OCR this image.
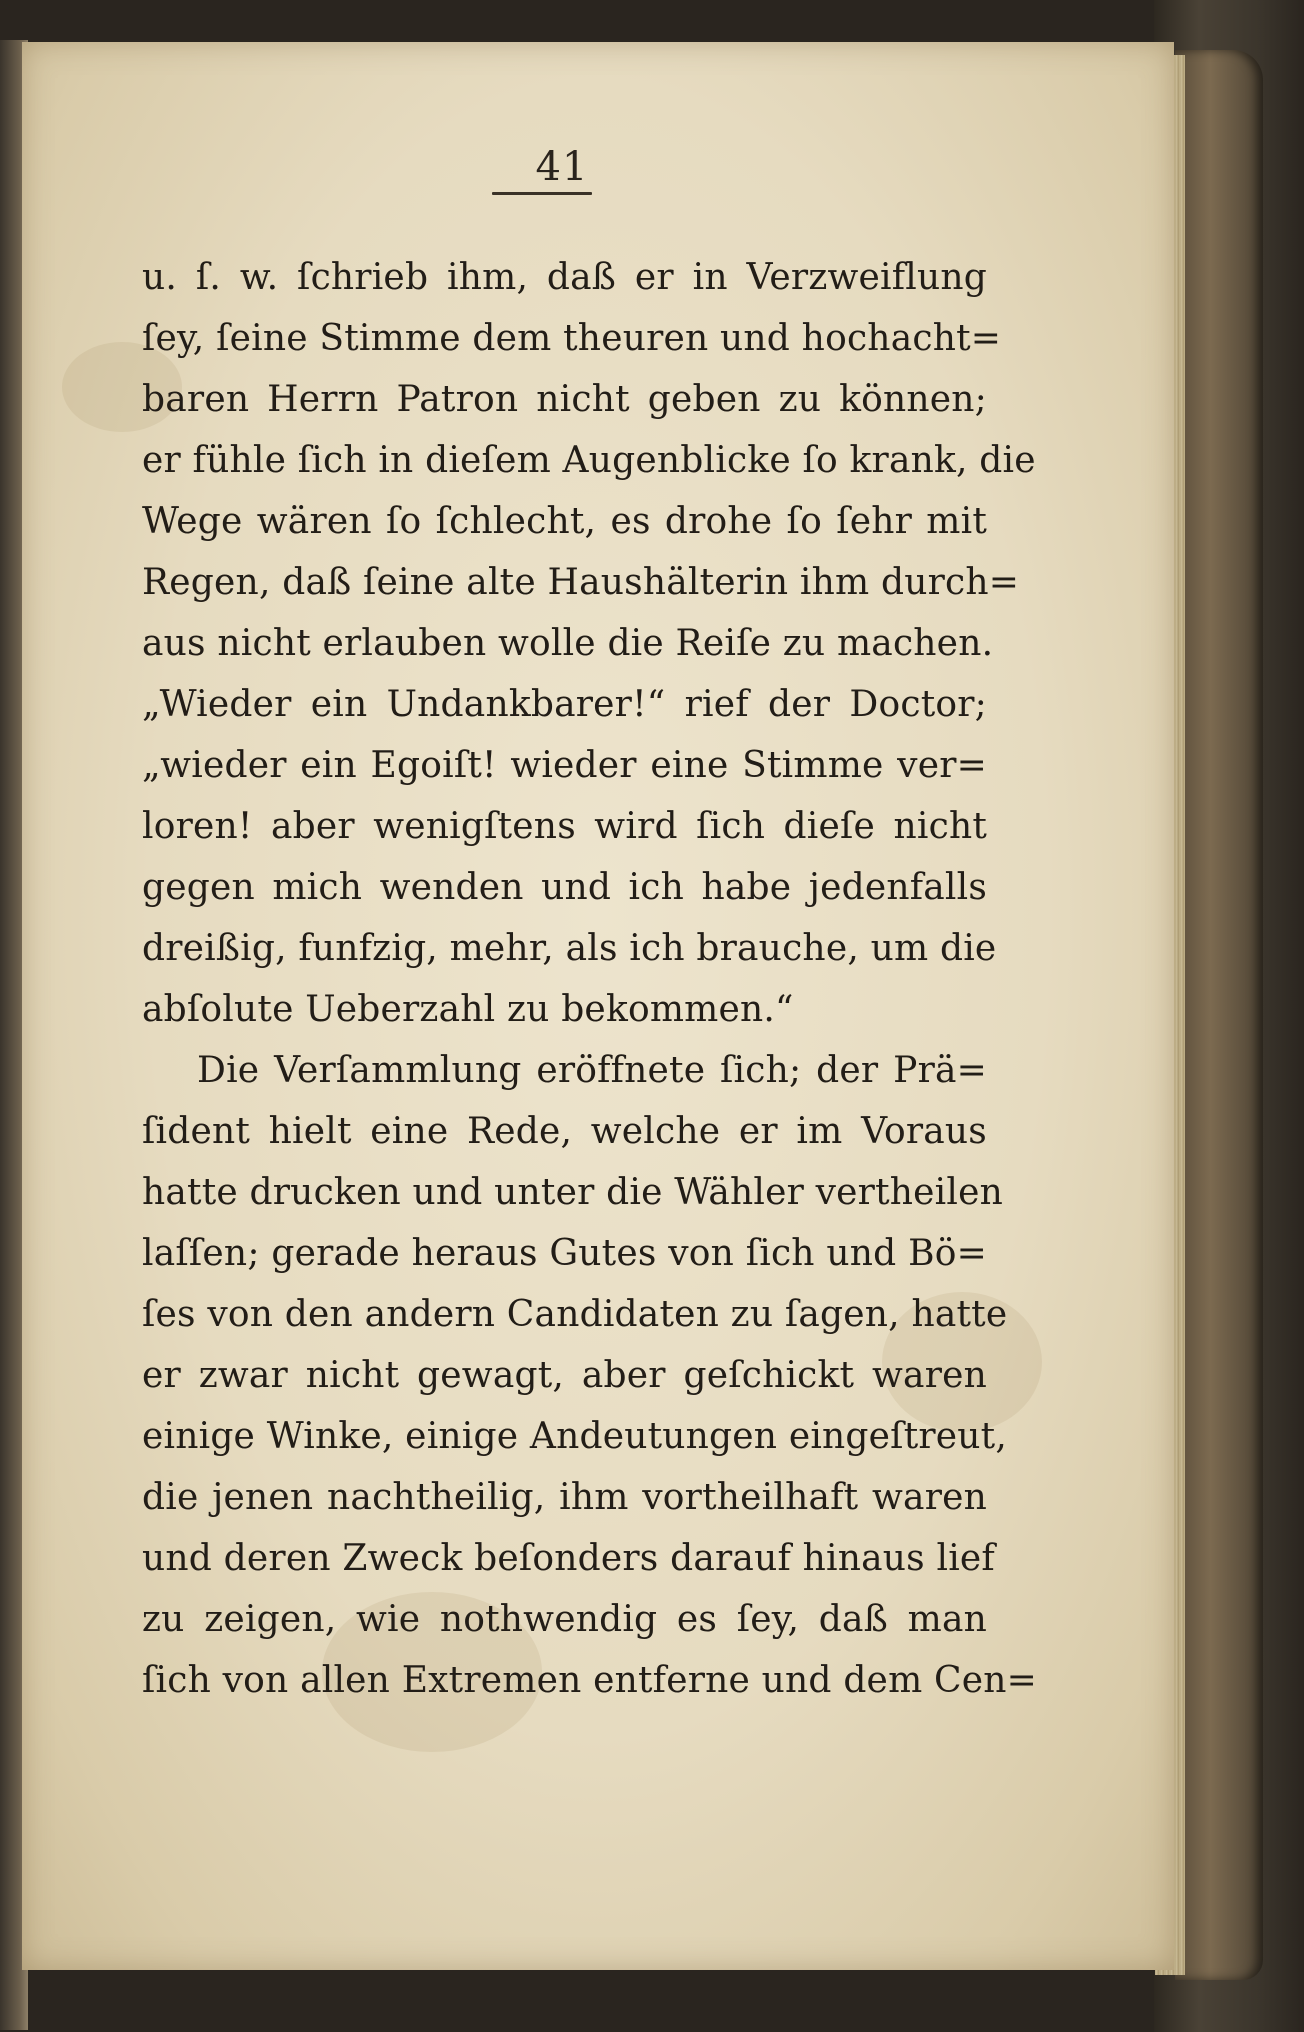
41
u. ſ. w. ſchrieb ihm, daß er in Verzweiflung
ſey, ſeine Stimme dem theuren und hochacht=
baren Herrn Patron nicht geben zu können;
er fühle ſich in dieſem Augenblicke ſo krank, die
Wege wären ſo ſchlecht, es drohe ſo ſehr mit
Regen, daß ſeine alte Haushälterin ihm durch=
aus nicht erlauben wolle die Reiſe zu machen.
„Wieder ein Undankbarer!“ rief der Doctor;
„wieder ein Egoiſt! wieder eine Stimme ver=
loren! aber wenigſtens wird ſich dieſe nicht
gegen mich wenden und ich habe jedenfalls
dreißig, funfzig, mehr, als ich brauche, um die
abſolute Ueberzahl zu bekommen.“
Die Verſammlung eröffnete ſich; der Prä=
ſident hielt eine Rede, welche er im Voraus
hatte drucken und unter die Wähler vertheilen
laſſen; gerade heraus Gutes von ſich und Bö=
ſes von den andern Candidaten zu ſagen, hatte
er zwar nicht gewagt, aber geſchickt waren
einige Winke, einige Andeutungen eingeſtreut,
die jenen nachtheilig, ihm vortheilhaft waren
und deren Zweck beſonders darauf hinaus lief
zu zeigen, wie nothwendig es ſey, daß man
ſich von allen Extremen entferne und dem Cen=
